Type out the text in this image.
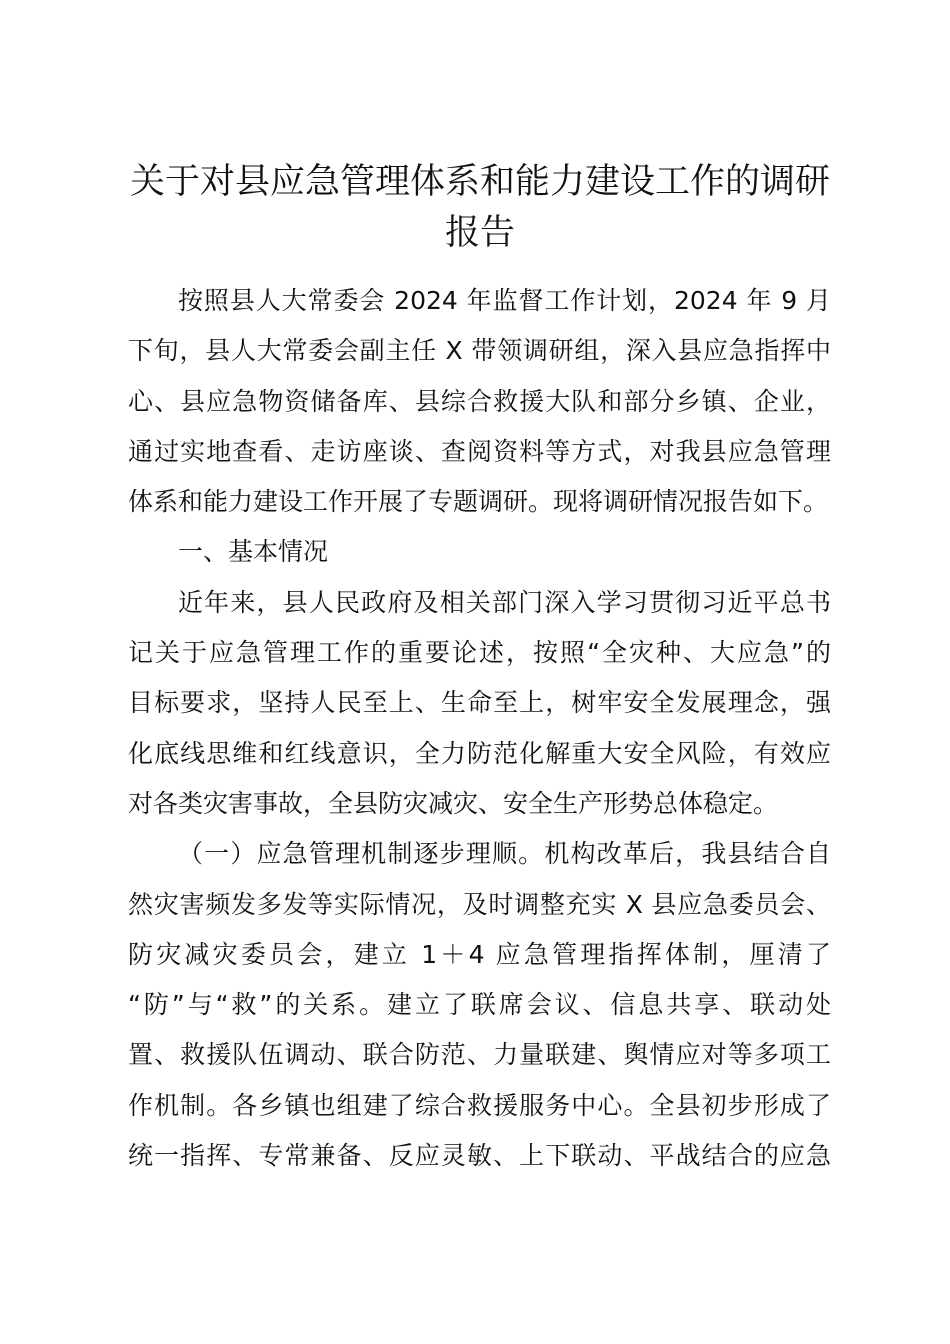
关于对县应急管理体系和能力建设工作的调研
报告
按照县人大常委会 2024 年监督工作计划，2024 年 9 月
下旬，县人大常委会副主任 X 带领调研组，深入县应急指挥中
心、县应急物资储备库、县综合救援大队和部分乡镇、企业，
通过实地查看、走访座谈、查阅资料等方式，对我县应急管理
体系和能力建设工作开展了专题调研。现将调研情况报告如下。
一、基本情况
近年来，县人民政府及相关部门深入学习贯彻习近平总书
记关于应急管理工作的重要论述，按照“全灾种、大应急”的
目标要求，坚持人民至上、生命至上，树牢安全发展理念，强
化底线思维和红线意识，全力防范化解重大安全风险，有效应
对各类灾害事故，全县防灾减灾、安全生产形势总体稳定。
（一）应急管理机制逐步理顺。机构改革后，我县结合自
然灾害频发多发等实际情况，及时调整充实 X 县应急委员会、
防灾减灾委员会，建立 1＋4 应急管理指挥体制，厘清了
“防”与“救”的关系。建立了联席会议、信息共享、联动处
置、救援队伍调动、联合防范、力量联建、舆情应对等多项工
作机制。各乡镇也组建了综合救援服务中心。全县初步形成了
统一指挥、专常兼备、反应灵敏、上下联动、平战结合的应急
